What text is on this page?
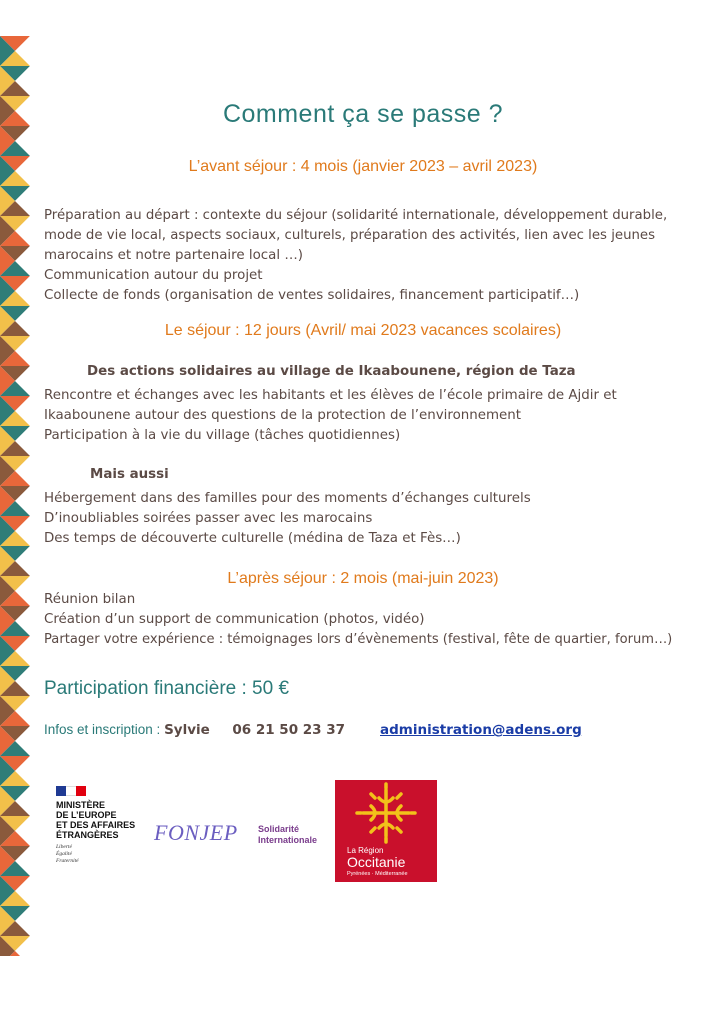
Comment ça se passe ?
L’avant séjour : 4 mois (janvier 2023 – avril 2023)
Préparation au départ : contexte du séjour (solidarité internationale, développement durable,
mode de vie local, aspects sociaux, culturels, préparation des activités, lien avec les jeunes
marocains et notre partenaire local …)
Communication autour du projet
Collecte de fonds (organisation de ventes solidaires, financement participatif…)
Le séjour : 12 jours (Avril/ mai 2023 vacances scolaires)
Des actions solidaires au village de Ikaabounene, région de Taza
Rencontre et échanges avec les habitants et les élèves de l’école primaire de Ajdir et
Ikaabounene autour des questions de la protection de l’environnement
Participation à la vie du village (tâches quotidiennes)
Mais aussi
Hébergement dans des familles pour des moments d’échanges culturels
D’inoubliables soirées passer avec les marocains
Des temps de découverte culturelle (médina de Taza et Fès…)
L’après séjour : 2 mois (mai-juin 2023)
Réunion bilan
Création d’un support de communication (photos, vidéo)
Partager votre expérience : témoignages lors d’évènements (festival, fête de quartier, forum…)
Participation financière : 50 €
Infos et inscription : Sylvie 06 21 50 23 37	administration@adens.org
MINISTÈRE
DE L’EUROPE
ET DES AFFAIRES
ÉTRANGÈRES
Liberté
Égalité
Fraternité
FONJEP Solidarité
Internationale
La Région
Occitanie
Pyrénées · Méditerranée
